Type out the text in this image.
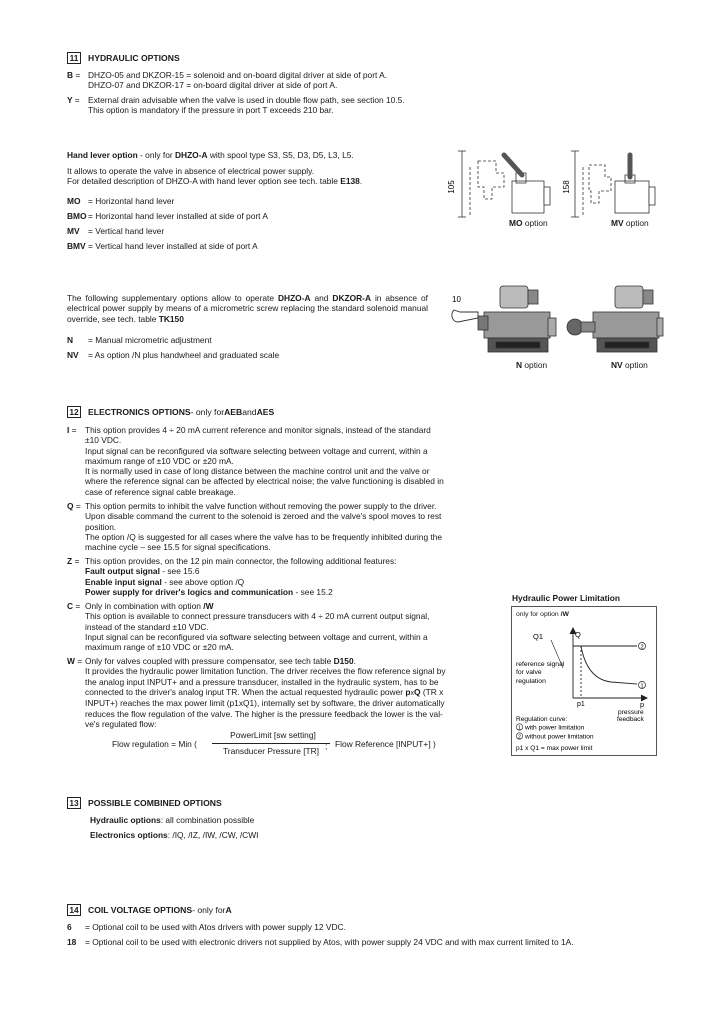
11 HYDRAULIC OPTIONS
B = DHZO-05 and DKZOR-15 = solenoid and on-board digital driver at side of port A.
DHZO-07 and DKZOR-17 = on-board digital driver at side of port A.
Y = External drain advisable when the valve is used in double flow path, see section 10.5.
This option is mandatory if the pressure in port T exceeds 210 bar.
Hand lever option - only for DHZO-A with spool type S3, S5, D3, D5, L3, L5.
It allows to operate the valve in absence of electrical power supply.
For detailed description of DHZO-A with hand lever option see tech. table E138.
MO = Horizontal hand lever
BMO = Horizontal hand lever installed at side of port A
MV	= Vertical hand lever
BMV = Vertical hand lever installed at side of port A
105
MO option
158
MV option
The following supplementary options allow to operate DHZO-A and DKZOR-A in absence of electrical power supply by means of a micrometric screw replacing the standard solenoid manual override, see tech. table TK150
N	= Manual micrometric adjustment
NV	= As option /N plus handwheel and graduated scale
10
N option	NV option
12 ELECTRONICS OPTIONS - only for AEB and AES
I =	This option provides 4 ÷ 20 mA current reference and monitor signals, instead of the standard
±10 VDC.
Input signal can be reconfigured via software selecting between voltage and current, within a
maximum range of ±10 VDC or ±20 mA.
It is normally used in case of long distance between the machine control unit and the valve or
where the reference signal can be affected by electrical noise; the valve functioning is disabled in
case of reference signal cable breakage.
Q = This option permits to inhibit the valve function without removing the power supply to the driver.
Upon disable command the current to the solenoid is zeroed and the valve's spool moves to rest
position.
The option /Q is suggested for all cases where the valve has to be frequently inhibited during the
machine cycle – see 15.5 for signal specifications.
Z = This option provides, on the 12 pin main connector, the following additional features:
Fault output signal - see 15.6
Enable input signal - see above option /Q
Power supply for driver's logics and communication - see 15.2
C = Only in combination with option /W
This option is available to connect pressure transducers with 4 ÷ 20 mA current output signal,
instead of the standard ±10 VDC.
Input signal can be reconfigured via software selecting between voltage and current, within a
maximum range of ±10 VDC or ±20 mA.
W = Only for valves coupled with pressure compensator, see tech table D150.
It provides the hydraulic power limitation function. The driver receives the flow reference signal by
the analog input INPUT+ and a pressure transducer, installed in the hydraulic system, has to be
connected to the driver's analog input TR. When the actual requested hydraulic power pxQ (TR x
INPUT+) reaches the max power limit (p1xQ1), internally set by software, the driver automatically
reduces the flow regulation of the valve. The higher is the pressure feedback the lower is the val-
ve's regulated flow:
Flow regulation = Min (
PowerLimit [sw setting]
Transducer Pressure [TR] ; Flow Reference [INPUT+] )
Hydraulic Power Limitation
only for option /W
Q1	Q
reference signal
for valve
regulation
p1	p
pressure
feedback
2
1
Regulation curve:
1 with power limitation
2 without power limitation
p1 x Q1 = max power limit
13 POSSIBLE COMBINED OPTIONS
Hydraulic options: all combination possible
Electronics options: /IQ, /IZ, /IW, /CW, /CWI
14 COIL VOLTAGE OPTIONS - only for A
6	= Optional coil to be used with Atos drivers with power supply 12 VDC.
18	= Optional coil to be used with electronic drivers not supplied by Atos, with power supply 24 VDC and with max current limited to 1A.
